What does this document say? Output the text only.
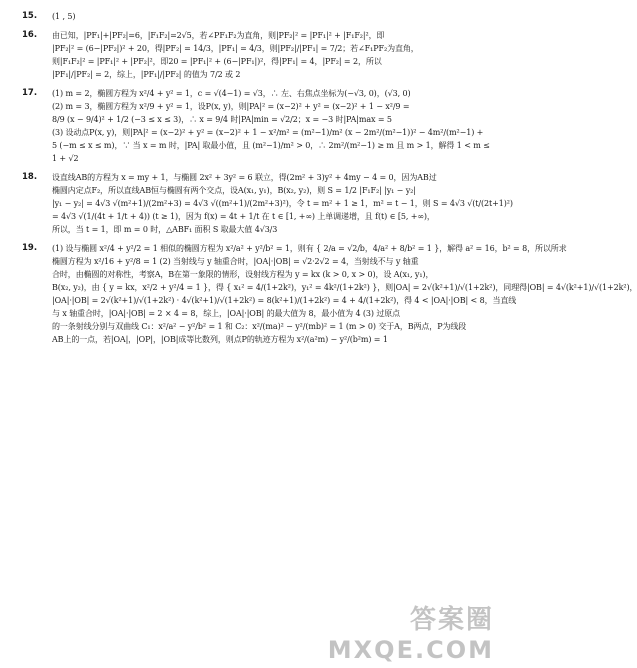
15.	(1 , 5)
16.	由已知，|PF₁|+|PF₂|=6，|F₁F₂|=2√5，若∠PF₁F₂为直角，则|PF₂|² = |PF₁|² + |F₁F₂|²，即
|PF₂|² = (6−|PF₂|)² + 20，得|PF₂| = 14/3，|PF₁| = 4/3，则|PF₂|/|PF₁| = 7/2；若∠F₁PF₂为直角，
则|F₁F₂|² = |PF₁|² + |PF₂|²，即20 = |PF₁|² + (6−|PF₁|)²，得|PF₁| = 4，|PF₂| = 2，所以
|PF₁|/|PF₂| = 2，综上，|PF₁|/|PF₂| 的值为 7/2 或 2
17.	(1) m = 2，椭圆方程为 x²/4 + y² = 1，c = √(4−1) = √3，∴ 左、右焦点坐标为(−√3, 0)，(√3, 0)
(2) m = 3，椭圆方程为 x²/9 + y² = 1，设P(x, y)，则|PA|² = (x−2)² + y² = (x−2)² + 1 − x²/9 =
8/9 (x − 9/4)² + 1/2 (−3 ≤ x ≤ 3)，∴ x = 9/4 时|PA|min = √2/2；x = −3 时|PA|max = 5
(3) 设动点P(x, y)，则|PA|² = (x−2)² + y² = (x−2)² + 1 − x²/m² = (m²−1)/m² (x − 2m²/(m²−1))² − 4m²/(m²−1) +
5 (−m ≤ x ≤ m)，∵ 当 x = m 时，|PA| 取最小值，且 (m²−1)/m² > 0，∴ 2m²/(m²−1) ≥ m 且 m > 1，解得 1 < m ≤
1 + √2
18.	设直线AB的方程为 x = my + 1，与椭圆 2x² + 3y² = 6 联立，得(2m² + 3)y² + 4my − 4 = 0，因为AB过
椭圆内定点F₂，所以直线AB恒与椭圆有两个交点，设A(x₁, y₁)，B(x₂, y₂)，则 S = 1/2 |F₁F₂| |y₁ − y₂|
|y₁ − y₂| = 4√3 √(m²+1)/(2m²+3) = 4√3 √((m²+1)/(2m²+3)²)，令 t = m² + 1 ≥ 1，m² = t − 1，则 S = 4√3 √(t/(2t+1)²)
= 4√3 √(1/(4t + 1/t + 4)) (t ≥ 1)，因为 f(x) = 4t + 1/t 在 t ∈ [1, +∞) 上单调递增，且 f(t) ∈ [5, +∞)，
所以，当 t = 1，即 m = 0 时，△ABF₁ 面积 S 取最大值 4√3/3
19.	(1) 设与椭圆 x²/4 + y²/2 = 1 相似的椭圆方程为 x²/a² + y²/b² = 1，则有 { 2/a = √2/b，4/a² + 8/b² = 1 }，解得 a² = 16，b² = 8，所以所求
椭圆方程为 x²/16 + y²/8 = 1 (2) 当射线与 y 轴重合时，|OA|·|OB| = √2·2√2 = 4，当射线不与 y 轴重
合时，由椭圆的对称性，考察A，B在第一象限的情形，设射线方程为 y = kx (k > 0, x > 0)，设 A(x₁, y₁)，
B(x₂, y₂)，由 { y = kx，x²/2 + y²/4 = 1 }，得 { x₁² = 4/(1+2k²)，y₁² = 4k²/(1+2k²) }，则|OA| = 2√(k²+1)/√(1+2k²)，同理得|OB| = 4√(k²+1)/√(1+2k²)，
|OA|·|OB| = 2√(k²+1)/√(1+2k²) · 4√(k²+1)/√(1+2k²) = 8(k²+1)/(1+2k²) = 4 + 4/(1+2k²)，得 4 < |OA|·|OB| < 8，当直线
与 x 轴重合时，|OA|·|OB| = 2 × 4 = 8，综上，|OA|·|OB| 的最大值为 8，最小值为 4 (3) 过原点
的一条射线分别与双曲线 C₁：x²/a² − y²/b² = 1 和 C₂：x²/(ma)² − y²/(mb)² = 1 (m > 0) 交于A，B两点，P为线段
AB上的一点，若|OA|，|OP|，|OB|成等比数列，则点P的轨迹方程为 x²/(a²m) − y²/(b²m) = 1
答案圈
MXQE.COM
